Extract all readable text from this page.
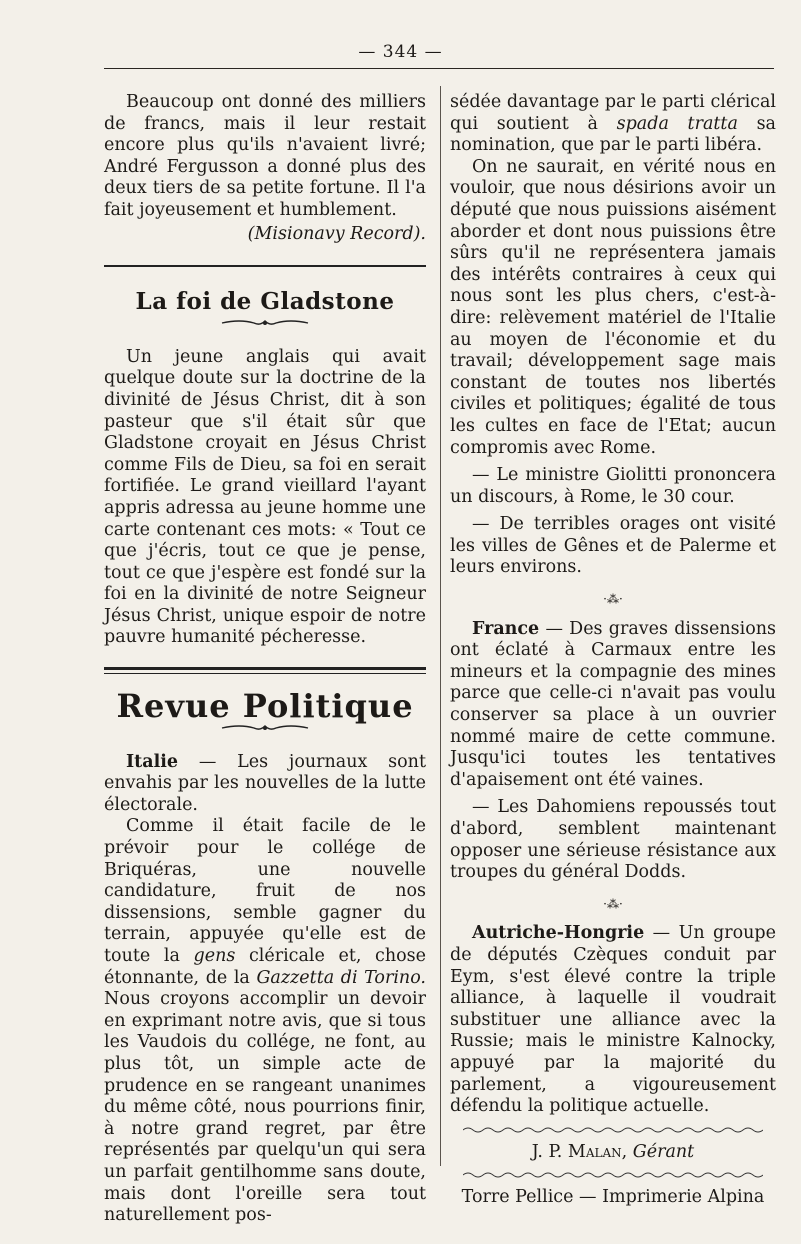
— 344 —

Beaucoup ont donné des milliers de francs, mais il leur restait encore plus qu'ils n'avaient livré; André Fergusson a donné plus des deux tiers de sa petite fortune. Il l'a fait joyeusement et humblement.

(Misionavy Record).

La foi de Gladstone

Un jeune anglais qui avait quelque doute sur la doctrine de la divinité de Jésus Christ, dit à son pasteur que s'il était sûr que Gladstone croyait en Jésus Christ comme Fils de Dieu, sa foi en serait fortifiée. Le grand vieillard l'ayant appris adressa au jeune homme une carte contenant ces mots: « Tout ce que j'écris, tout ce que je pense, tout ce que j'espère est fondé sur la foi en la divinité de notre Seigneur Jésus Christ, unique espoir de notre pauvre humanité pécheresse.

Revue Politique

Italie — Les journaux sont envahis par les nouvelles de la lutte électorale.

Comme il était facile de le prévoir pour le collége de Briquéras, une nouvelle candidature, fruit de nos dissensions, semble gagner du terrain, appuyée qu'elle est de toute la gens cléricale et, chose étonnante, de la Gazzetta di Torino. Nous croyons accomplir un devoir en exprimant notre avis, que si tous les Vaudois du collége, ne font, au plus tôt, un simple acte de prudence en se rangeant unanimes du même côté, nous pourrions finir, à notre grand regret, par être représentés par quelqu'un qui sera un parfait gentilhomme sans doute, mais dont l'oreille sera tout naturellement pos-

sédée davantage par le parti clérical qui soutient à spada tratta sa nomination, que par le parti libéra.

On ne saurait, en vérité nous en vouloir, que nous désirions avoir un député que nous puissions aisément aborder et dont nous puissions être sûrs qu'il ne représentera jamais des intérêts contraires à ceux qui nous sont les plus chers, c'est-à-dire: relèvement matériel de l'Italie au moyen de l'économie et du travail; développement sage mais constant de toutes nos libertés civiles et politiques; égalité de tous les cultes en face de l'Etat; aucun compromis avec Rome.

— Le ministre Giolitti prononcera un discours, à Rome, le 30 cour.

— De terribles orages ont visité les villes de Gênes et de Palerme et leurs environs.

·⁂·

France — Des graves dissensions ont éclaté à Carmaux entre les mineurs et la compagnie des mines parce que celle-ci n'avait pas voulu conserver sa place à un ouvrier nommé maire de cette commune. Jusqu'ici toutes les tentatives d'apaisement ont été vaines.

— Les Dahomiens repoussés tout d'abord, semblent maintenant opposer une sérieuse résistance aux troupes du général Dodds.

·⁂·

Autriche-Hongrie — Un groupe de députés Czèques conduit par Eym, s'est élevé contre la triple alliance, à laquelle il voudrait substituer une alliance avec la Russie; mais le ministre Kalnocky, appuyé par la majorité du parlement, a vigoureusement défendu la politique actuelle.

J. P. Malan, Gérant

Torre Pellice — Imprimerie Alpina
